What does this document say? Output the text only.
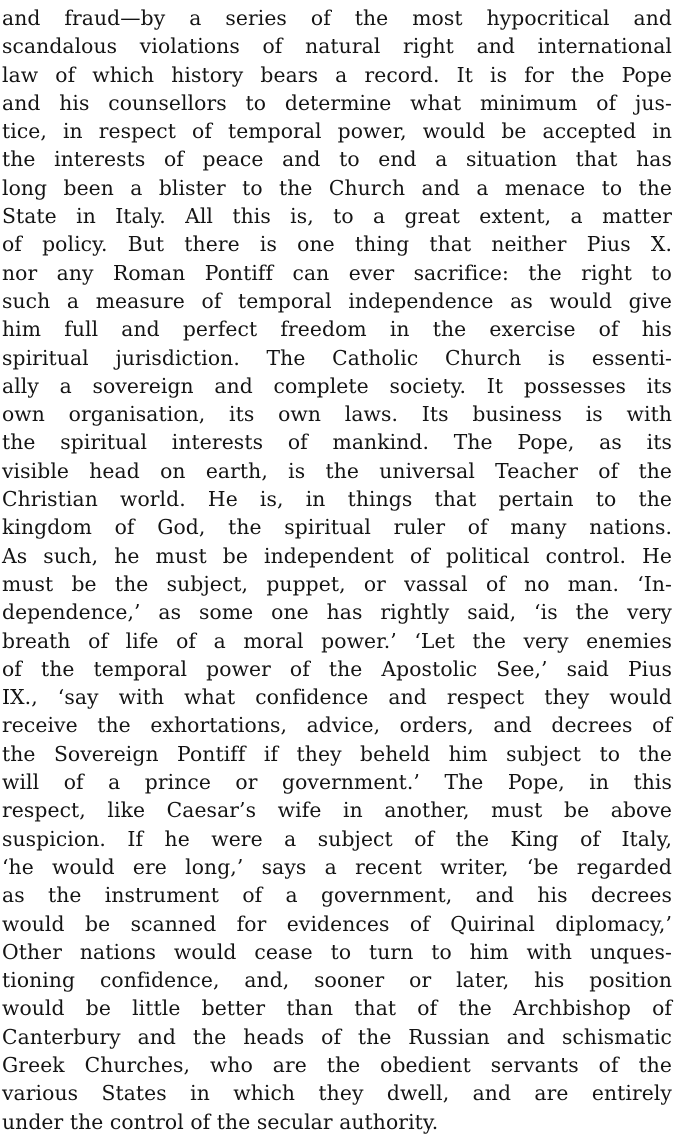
and fraud—by a series of the most hypocritical and
scandalous violations of natural right and international
law of which history bears a record. It is for the Pope
and his counsellors to determine what minimum of jus-
tice, in respect of temporal power, would be accepted in
the interests of peace and to end a situation that has
long been a blister to the Church and a menace to the
State in Italy. All this is, to a great extent, a matter
of policy. But there is one thing that neither Pius X.
nor any Roman Pontiff can ever sacrifice: the right to
such a measure of temporal independence as would give
him full and perfect freedom in the exercise of his
spiritual jurisdiction. The Catholic Church is essenti-
ally a sovereign and complete society. It possesses its
own organisation, its own laws. Its business is with
the spiritual interests of mankind. The Pope, as its
visible head on earth, is the universal Teacher of the
Christian world. He is, in things that pertain to the
kingdom of God, the spiritual ruler of many nations.
As such, he must be independent of political control. He
must be the subject, puppet, or vassal of no man. ‘In-
dependence,’ as some one has rightly said, ‘is the very
breath of life of a moral power.’ ‘Let the very enemies
of the temporal power of the Apostolic See,’ said Pius
IX., ‘say with what confidence and respect they would
receive the exhortations, advice, orders, and decrees of
the Sovereign Pontiff if they beheld him subject to the
will of a prince or government.’ The Pope, in this
respect, like Caesar’s wife in another, must be above
suspicion. If he were a subject of the King of Italy,
‘he would ere long,’ says a recent writer, ‘be regarded
as the instrument of a government, and his decrees
would be scanned for evidences of Quirinal diplomacy,’
Other nations would cease to turn to him with unques-
tioning confidence, and, sooner or later, his position
would be little better than that of the Archbishop of
Canterbury and the heads of the Russian and schismatic
Greek Churches, who are the obedient servants of the
various States in which they dwell, and are entirely
under the control of the secular authority.
